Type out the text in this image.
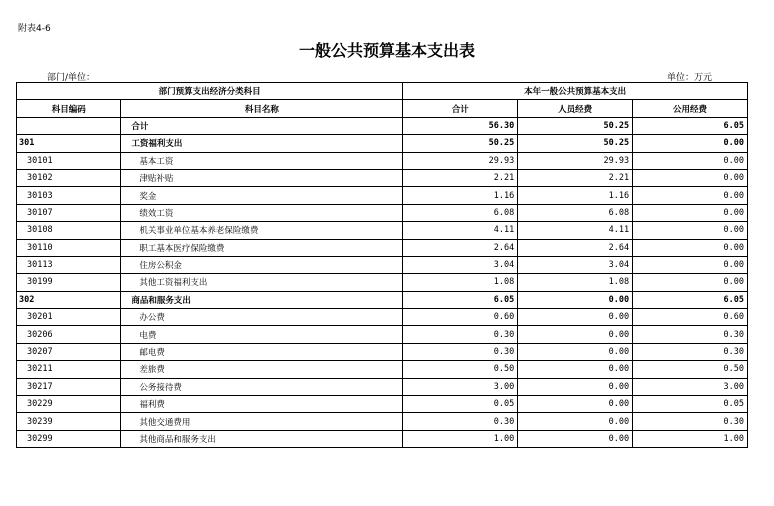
附表4-6
一般公共预算基本支出表
部门/单位：	单位：万元
部门预算支出经济分类科目		本年一般公共预算基本支出		
科目编码	科目名称	合计	人员经费	公用经费
	合计	56.30	50.25	6.05
301	工资福利支出	50.25	50.25	0.00
30101	基本工资	29.93	29.93	0.00
30102	津贴补贴	2.21	2.21	0.00
30103	奖金	1.16	1.16	0.00
30107	绩效工资	6.08	6.08	0.00
30108	机关事业单位基本养老保险缴费	4.11	4.11	0.00
30110	职工基本医疗保险缴费	2.64	2.64	0.00
30113	住房公积金	3.04	3.04	0.00
30199	其他工资福利支出	1.08	1.08	0.00
302	商品和服务支出	6.05	0.00	6.05
30201	办公费	0.60	0.00	0.60
30206	电费	0.30	0.00	0.30
30207	邮电费	0.30	0.00	0.30
30211	差旅费	0.50	0.00	0.50
30217	公务接待费	3.00	0.00	3.00
30229	福利费	0.05	0.00	0.05
30239	其他交通费用	0.30	0.00	0.30
30299	其他商品和服务支出	1.00	0.00	1.00
